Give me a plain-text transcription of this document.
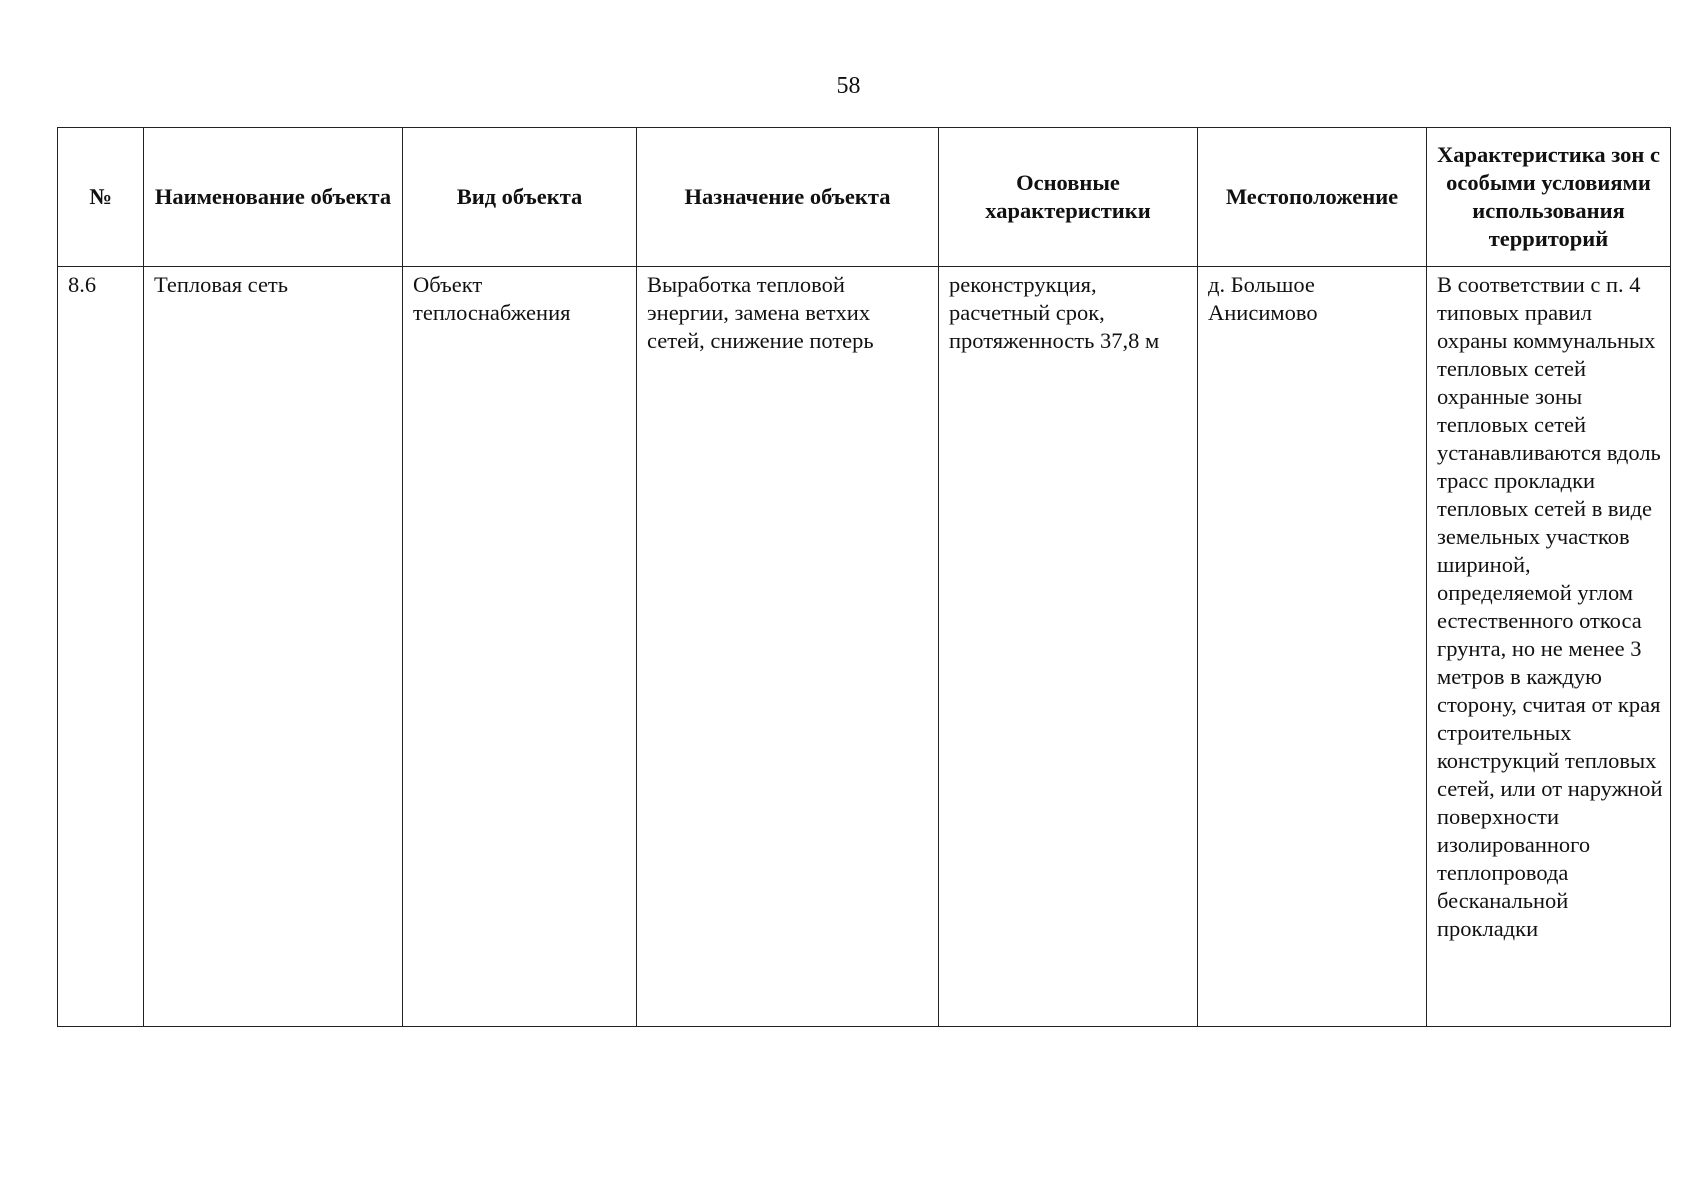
58
№	Наименование объекта	Вид объекта	Назначение объекта	Основные характеристики	Местоположение	Характеристика зон с особыми условиями использования территорий
8.6	Тепловая сеть	Объект теплоснабжения	Выработка тепловой энергии, замена ветхих сетей, снижение потерь	реконструкция, расчетный срок, протяженность 37,8 м	д. Большое Анисимово	В соответствии с п. 4 типовых правил охраны коммунальных тепловых сетей охранные зоны тепловых сетей устанавливаются вдоль трасс прокладки тепловых сетей в виде земельных участков шириной, определяемой углом естественного откоса грунта, но не менее 3 метров в каждую сторону, считая от края строительных конструкций тепловых сетей, или от наружной поверхности изолированного теплопровода бесканальной прокладки
